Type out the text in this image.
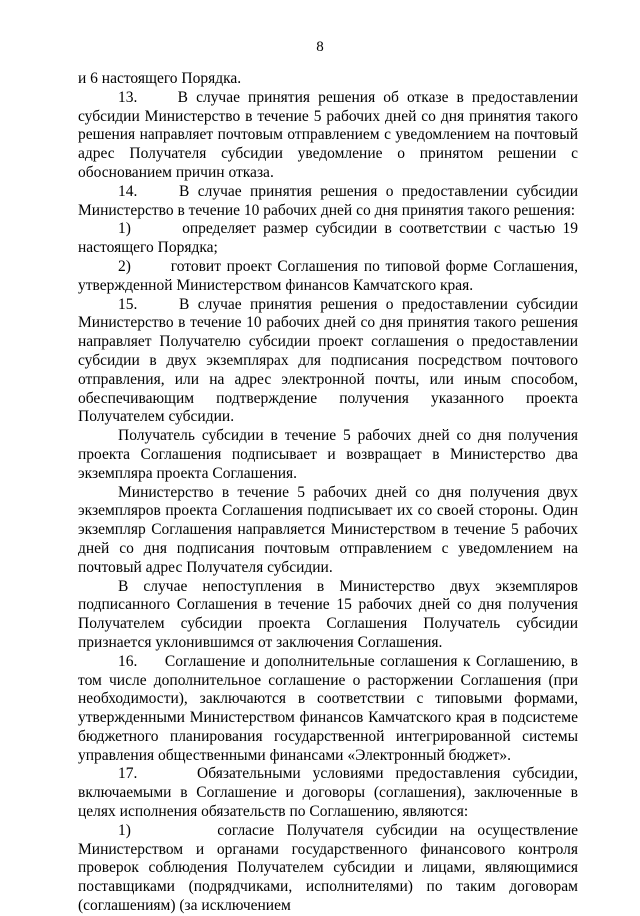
8

и 6 настоящего Порядка.

13.     В случае принятия решения об отказе в предоставлении субсидии Министерство в течение 5 рабочих дней со дня принятия такого решения направляет почтовым отправлением с уведомлением на почтовый адрес Получателя субсидии уведомление о принятом решении с обоснованием причин отказа.

14.     В случае принятия решения о предоставлении субсидии Министерство в течение 10 рабочих дней со дня принятия такого решения:

1)       определяет размер субсидии в соответствии с частью 19 настоящего Порядка;

2)       готовит проект Соглашения по типовой форме Соглашения, утвержденной Министерством финансов Камчатского края.

15.     В случае принятия решения о предоставлении субсидии Министерство в течение 10 рабочих дней со дня принятия такого решения направляет Получателю субсидии проект соглашения о предоставлении субсидии в двух экземплярах для подписания посредством почтового отправления, или на адрес электронной почты, или иным способом, обеспечивающим подтверждение получения указанного проекта Получателем субсидии.

Получатель субсидии в течение 5 рабочих дней со дня получения проекта Соглашения подписывает и возвращает в Министерство два экземпляра проекта Соглашения.

Министерство в течение 5 рабочих дней со дня получения двух экземпляров проекта Соглашения подписывает их со своей стороны. Один экземпляр Соглашения направляется Министерством в течение 5 рабочих дней со дня подписания почтовым отправлением с уведомлением на почтовый адрес Получателя субсидии.

В случае непоступления в Министерство двух экземпляров подписанного Соглашения в течение 15 рабочих дней со дня получения Получателем субсидии проекта Соглашения Получатель субсидии признается уклонившимся от заключения Соглашения.

16.     Соглашение и дополнительные соглашения к Соглашению, в том числе дополнительное соглашение о расторжении Соглашения (при необходимости), заключаются в соответствии с типовыми формами, утвержденными Министерством финансов Камчатского края в подсистеме бюджетного планирования государственной интегрированной системы управления общественными финансами «Электронный бюджет».

17.     Обязательными условиями предоставления субсидии, включаемыми в Соглашение и договоры (соглашения), заключенные в целях исполнения обязательств по Соглашению, являются:

1)       согласие Получателя субсидии на осуществление Министерством и органами государственного финансового контроля проверок соблюдения Получателем субсидии и лицами, являющимися поставщиками (подрядчиками, исполнителями) по таким договорам (соглашениям) (за исключением
